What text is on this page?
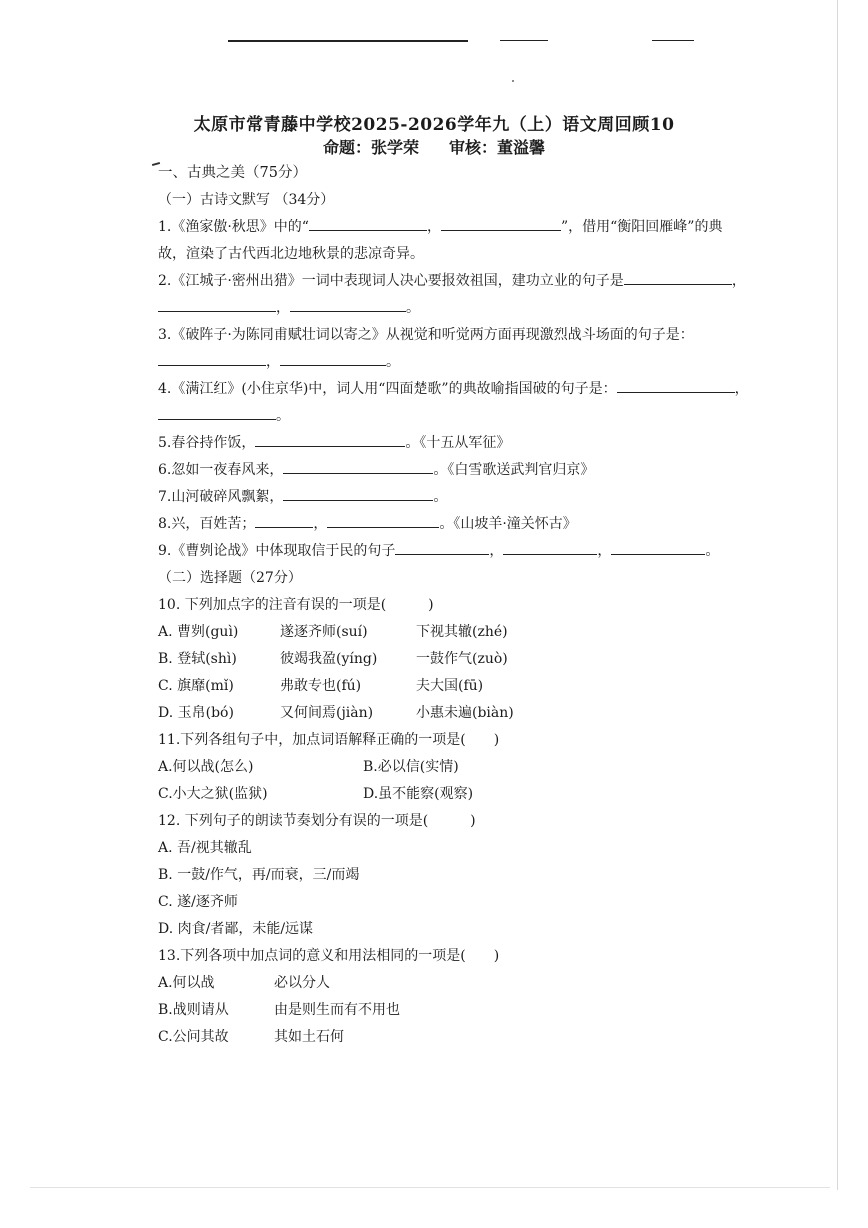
太原市常青藤中学校2025-2026学年九（上）语文周回顾10
命题：张学荣 审核：董溢馨
一、古典之美（75分）
（一）古诗文默写 （34分）
1.《渔家傲·秋思》中的“	，	”，借用“衡阳回雁峰”的典
故，渲染了古代西北边地秋景的悲凉奇异。
2.《江城子·密州出猎》一词中表现词人决心要报效祖国，建功立业的句子是	，
，	。
3.《破阵子·为陈同甫赋壮词以寄之》从视觉和听觉两方面再现激烈战斗场面的句子是：
，	。
4.《满江红》(小住京华)中，词人用“四面楚歌”的典故喻指国破的句子是：	，
。
5.春谷持作饭，	。《十五从军征》
6.忽如一夜春风来，	。《白雪歌送武判官归京》
7.山河破碎风飘絮，	。
8.兴，百姓苦；	，	。《山坡羊·潼关怀古》
9.《曹刿论战》中体现取信于民的句子	，	，	。
（二）选择题（27分）
10. 下列加点字的注音有误的一项是(　　　)
A. 曹刿(guì)	遂逐齐师(suí)	下视其辙(zhé)
B. 登轼(shì)	彼竭我盈(yíng)	一鼓作气(zuò)
C. 旗靡(mǐ)	弗敢专也(fú)	夫大国(fū)
D. 玉帛(bó)	又何间焉(jiàn)	小惠未遍(biàn)
11.下列各组句子中，加点词语解释正确的一项是(　　)
A.何以战(怎么)	B.必以信(实情)
C.小大之狱(监狱)	D.虽不能察(观察)
12. 下列句子的朗读节奏划分有误的一项是(　　　)
A. 吾/视其辙乱
B. 一鼓/作气，再/而衰，三/而竭
C. 遂/逐齐师
D. 肉食/者鄙，未能/远谋
13.下列各项中加点词的意义和用法相同的一项是(　　)
A.何以战	必以分人
B.战则请从	由是则生而有不用也
C.公问其故	其如土石何
